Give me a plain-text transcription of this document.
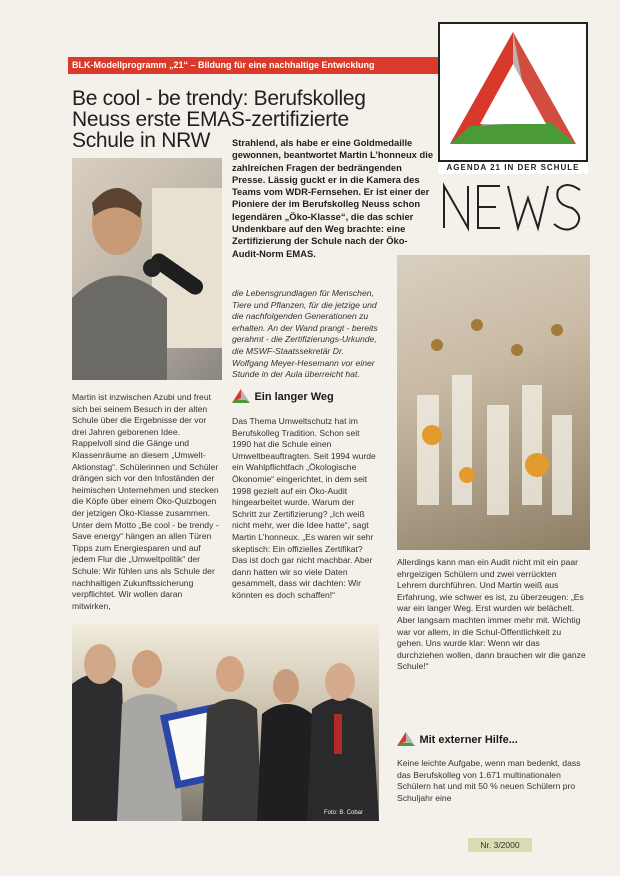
BLK-Modellprogramm „21“ – Bildung für eine nachhaltige Entwicklung
Be cool - be trendy: Berufskolleg Neuss erste EMAS-zertifizierte Schule in NRW
AGENDA 21 IN DER SCHULE
Strahlend, als habe er eine Goldmedaille gewonnen, beantwortet Martin L’honneux die zahlreichen Fragen der bedrängenden Presse. Lässig guckt er in die Kamera des Teams vom WDR-Fernsehen. Er ist einer der Pioniere der im Berufskolleg Neuss schon legendären „Öko-Klasse“, die das schier Undenkbare auf den Weg brachte: eine Zertifizierung der Schule nach der Öko-Audit-Norm EMAS.
Foto: B. Cobar
Martin ist inzwischen Azubi und freut sich bei seinem Besuch in der alten Schule über die Ergebnisse der vor drei Jahren geborenen Idee. Rappelvoll sind die Gänge und Klassenräume an diesem „Umwelt-Aktionstag“. Schülerinnen und Schüler drängen sich vor den Infoständen der heimischen Unternehmen und stecken die Köpfe über einem Öko-Quizbogen der jetzigen Öko-Klasse zusammen. Unter dem Motto „Be cool - be trendy - Save energy“ hängen an allen Türen Tipps zum Energiesparen und auf jedem Flur die „Umweltpolitik“ der Schule: Wir fühlen uns als Schule der nachhaltigen Zukunftssicherung verpflichtet. Wir wollen daran mitwirken,
die Lebensgrundlagen für Menschen, Tiere und Pflanzen, für die jetzige und die nachfolgenden Generationen zu erhalten. An der Wand prangt - bereits gerahmt - die Zertifizierungs-Urkunde, die MSWF-Staatssekretär Dr. Wolfgang Meyer-Hesemann vor einer Stunde in der Aula überreicht hat.
Ein langer Weg
Das Thema Umweltschutz hat im Berufskolleg Tradition. Schon seit 1990 hat die Schule einen Umweltbeauftragten. Seit 1994 wurde ein Wahlpflichtfach „Ökologische Ökonomie“ eingerichtet, in dem seit 1998 gezielt auf ein Öko-Audit hingearbeitet wurde. Warum der Schritt zur Zertifizierung? „Ich weiß nicht mehr, wer die Idee hatte“, sagt Martin L’honneux. „Es waren wir sehr skeptisch: Ein offizielles Zertifikat? Das ist doch gar nicht machbar. Aber dann hatten wir so viele Daten gesammelt, dass wir dachten: Wir könnten es doch schaffen!“
Allerdings kann man ein Audit nicht mit ein paar ehrgeizigen Schülern und zwei verrückten Lehrern durchführen. Und Martin weiß aus Erfahrung, wie schwer es ist, zu überzeugen: „Es war ein langer Weg. Erst wurden wir belächelt. Aber langsam machten immer mehr mit. Wichtig war vor allem, in die Schul-Öffentlichkeit zu gehen. Uns wurde klar: Wenn wir das durchziehen wollen, dann brauchen wir die ganze Schule!“
Mit externer Hilfe...
Keine leichte Aufgabe, wenn man bedenkt, dass das Berufskolleg von 1.671 multinationalen Schülern hat und mit 50 % neuen Schülern pro Schuljahr eine
Nr. 3/2000
